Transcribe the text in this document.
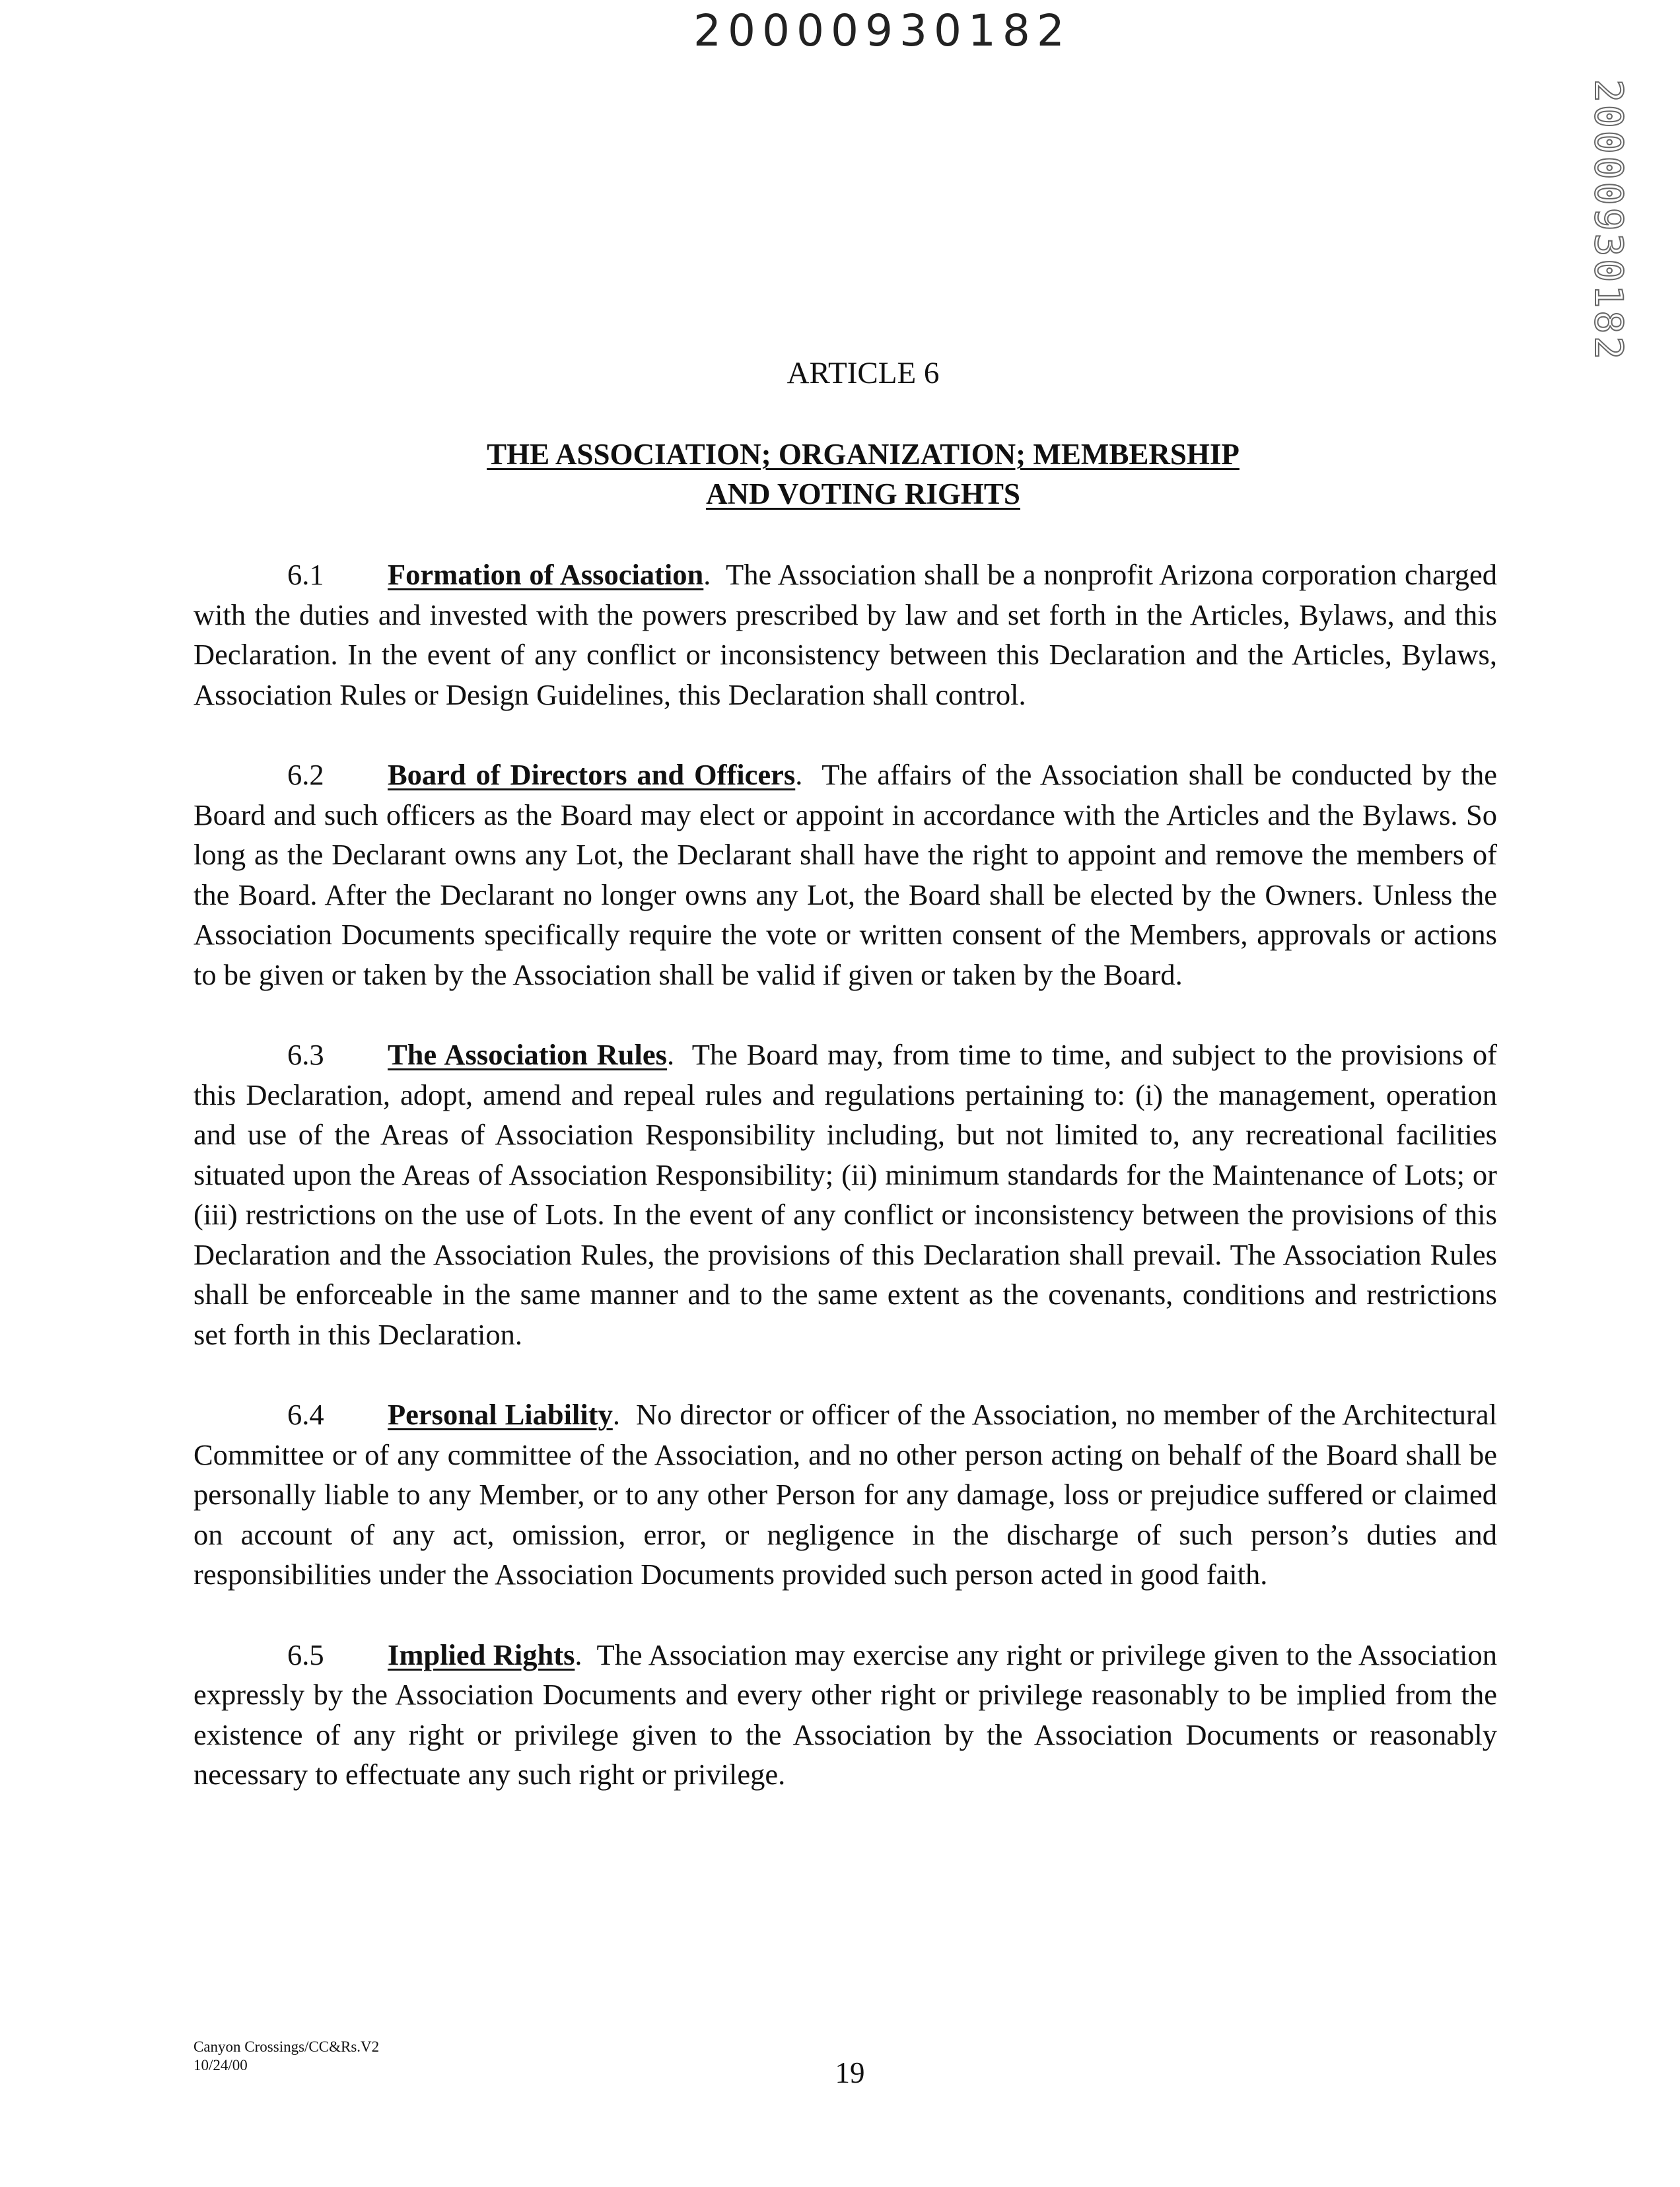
20000930182
20000930182
ARTICLE 6
THE ASSOCIATION; ORGANIZATION; MEMBERSHIP
AND VOTING RIGHTS

6.1 Formation of Association.  The Association shall be a nonprofit Arizona corporation charged with the duties and invested with the powers prescribed by law and set forth in the Articles, Bylaws, and this Declaration. In the event of any conflict or inconsistency between this Declaration and the Articles, Bylaws, Association Rules or Design Guidelines, this Declaration shall control.

6.2 Board of Directors and Officers.  The affairs of the Association shall be conducted by the Board and such officers as the Board may elect or appoint in accordance with the Articles and the Bylaws. So long as the Declarant owns any Lot, the Declarant shall have the right to appoint and remove the members of the Board. After the Declarant no longer owns any Lot, the Board shall be elected by the Owners. Unless the Association Documents specifically require the vote or written consent of the Members, approvals or actions to be given or taken by the Association shall be valid if given or taken by the Board.

6.3 The Association Rules.  The Board may, from time to time, and subject to the provisions of this Declaration, adopt, amend and repeal rules and regulations pertaining to: (i) the management, operation and use of the Areas of Association Responsibility including, but not limited to, any recreational facilities situated upon the Areas of Association Responsibility; (ii) minimum standards for the Maintenance of Lots; or (iii) restrictions on the use of Lots. In the event of any conflict or inconsistency between the provisions of this Declaration and the Association Rules, the provisions of this Declaration shall prevail. The Association Rules shall be enforceable in the same manner and to the same extent as the covenants, conditions and restrictions set forth in this Declaration.

6.4 Personal Liability.  No director or officer of the Association, no member of the Architectural Committee or of any committee of the Association, and no other person acting on behalf of the Board shall be personally liable to any Member, or to any other Person for any damage, loss or prejudice suffered or claimed on account of any act, omission, error, or negligence in the discharge of such person’s duties and responsibilities under the Association Documents provided such person acted in good faith.

6.5 Implied Rights.  The Association may exercise any right or privilege given to the Association expressly by the Association Documents and every other right or privilege reasonably to be implied from the existence of any right or privilege given to the Association by the Association Documents or reasonably necessary to effectuate any such right or privilege.

Canyon Crossings/CC&Rs.V2
10/24/00	19
